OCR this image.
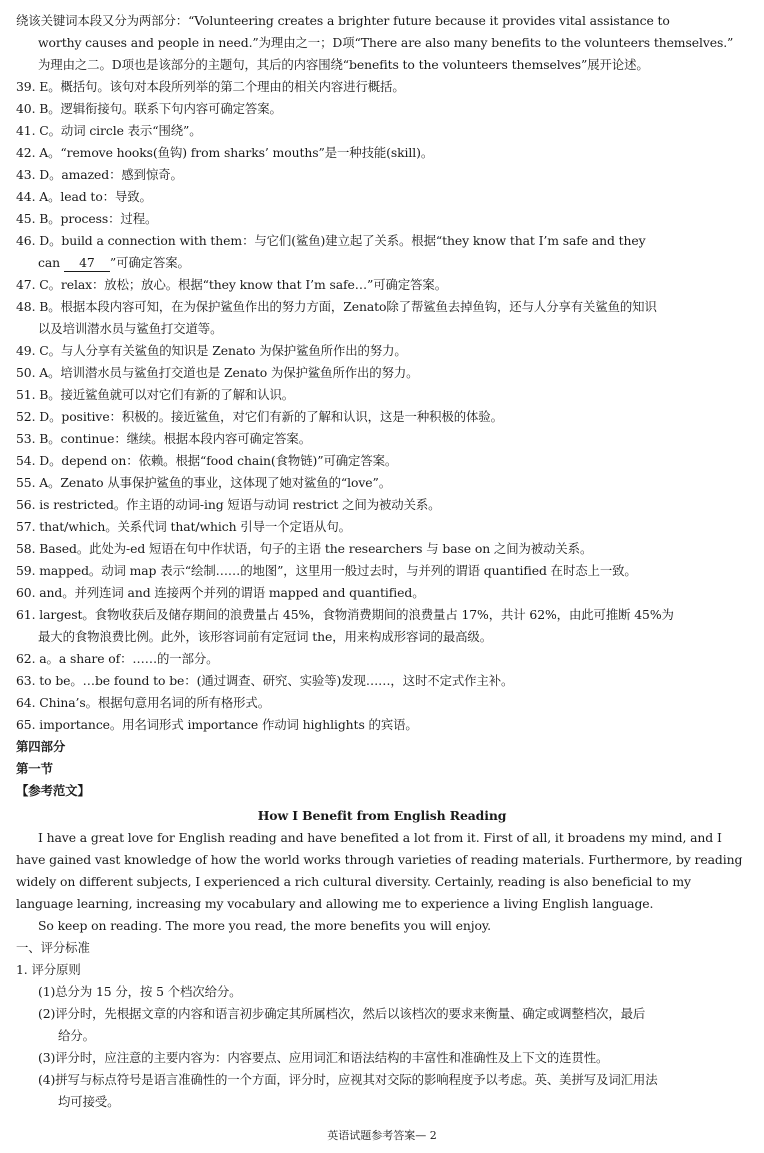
绕该关键词本段又分为两部分：“Volunteering creates a brighter future because it provides vital assistance to
worthy causes and people in need.”为理由之一；D项“There are also many benefits to the volunteers themselves.”
为理由之二。D项也是该部分的主题句，其后的内容围绕“benefits to the volunteers themselves”展开论述。
39. E。概括句。该句对本段所列举的第二个理由的相关内容进行概括。
40. B。逻辑衔接句。联系下句内容可确定答案。
41. C。动词 circle 表示“围绕”。
42. A。“remove hooks(鱼钩) from sharks’ mouths”是一种技能(skill)。
43. D。amazed：感到惊奇。
44. A。lead to：导致。
45. B。process：过程。
46. D。build a connection with them：与它们(鲨鱼)建立起了关系。根据“they know that I’m safe and they
can 47 ”可确定答案。
47. C。relax：放松；放心。根据“they know that I’m safe…”可确定答案。
48. B。根据本段内容可知，在为保护鲨鱼作出的努力方面，Zenato除了帮鲨鱼去掉鱼钩，还与人分享有关鲨鱼的知识
以及培训潜水员与鲨鱼打交道等。
49. C。与人分享有关鲨鱼的知识是 Zenato 为保护鲨鱼所作出的努力。
50. A。培训潜水员与鲨鱼打交道也是 Zenato 为保护鲨鱼所作出的努力。
51. B。接近鲨鱼就可以对它们有新的了解和认识。
52. D。positive：积极的。接近鲨鱼，对它们有新的了解和认识，这是一种积极的体验。
53. B。continue：继续。根据本段内容可确定答案。
54. D。depend on：依赖。根据“food chain(食物链)”可确定答案。
55. A。Zenato 从事保护鲨鱼的事业，这体现了她对鲨鱼的“love”。
56. is restricted。作主语的动词-ing 短语与动词 restrict 之间为被动关系。
57. that/which。关系代词 that/which 引导一个定语从句。
58. Based。此处为-ed 短语在句中作状语，句子的主语 the researchers 与 base on 之间为被动关系。
59. mapped。动词 map 表示“绘制……的地图”，这里用一般过去时，与并列的谓语 quantified 在时态上一致。
60. and。并列连词 and 连接两个并列的谓语 mapped and quantified。
61. largest。食物收获后及储存期间的浪费量占 45%，食物消费期间的浪费量占 17%，共计 62%，由此可推断 45%为
最大的食物浪费比例。此外，该形容词前有定冠词 the，用来构成形容词的最高级。
62. a。a share of：……的一部分。
63. to be。…be found to be：(通过调查、研究、实验等)发现……，这时不定式作主补。
64. China’s。根据句意用名词的所有格形式。
65. importance。用名词形式 importance 作动词 highlights 的宾语。
第四部分
第一节
【参考范文】
How I Benefit from English Reading
I have a great love for English reading and have benefited a lot from it. First of all, it broadens my mind, and I
have gained vast knowledge of how the world works through varieties of reading materials. Furthermore, by reading
widely on different subjects, I experienced a rich cultural diversity. Certainly, reading is also beneficial to my
language learning, increasing my vocabulary and allowing me to experience a living English language.
So keep on reading. The more you read, the more benefits you will enjoy.
一、评分标准
1. 评分原则
(1)总分为 15 分，按 5 个档次给分。
(2)评分时，先根据文章的内容和语言初步确定其所属档次，然后以该档次的要求来衡量、确定或调整档次，最后
给分。
(3)评分时，应注意的主要内容为：内容要点、应用词汇和语法结构的丰富性和准确性及上下文的连贯性。
(4)拼写与标点符号是语言准确性的一个方面，评分时，应视其对交际的影响程度予以考虑。英、美拼写及词汇用法
均可接受。
英语试题参考答案— 2
